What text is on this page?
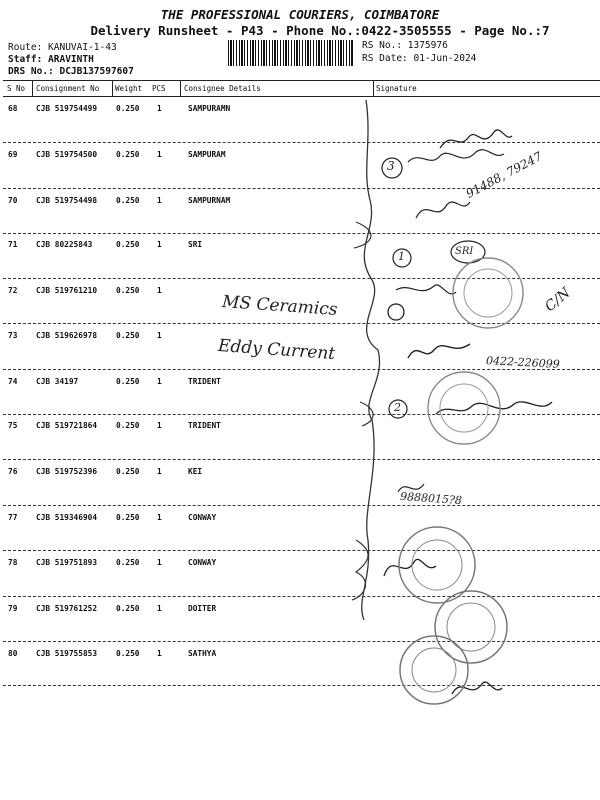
THE PROFESSIONAL COURIERS, COIMBATORE
Delivery Runsheet - P43 - Phone No.:0422-3505555 - Page No.:7
Route: KANUVAI-1-43
Staff: ARAVINTH
DRS No.: DCJB137597607
RS No.: 1375976
RS Date: 01-Jun-2024
S No Consignment No Weight PCS Consignee Details	Signature
68 CJB 519754499 0.250 1	SAMPURAMN
69 CJB 519754500 0.250 1	SAMPURAM
70 CJB 519754498 0.250 1	SAMPURNAM
71 CJB 80225843	0.250 1	SRI
72 CJB 519761210 0.250 1
73 CJB 519626978 0.250 1
74 CJB 34197	0.250 1	TRIDENT
75 CJB 519721864 0.250 1	TRIDENT
76 CJB 519752396 0.250 1	KEI
77 CJB 519346904 0.250 1	CONWAY
78 CJB 519751893 0.250 1	CONWAY
79 CJB 519761252 0.250 1	DOITER
80 CJB 519755853 0.250 1	SATHYA
MS Ceramics
Eddy Current
SRI
91488, 79247
0422-226099
9888015?8
3
1
2
C/N
